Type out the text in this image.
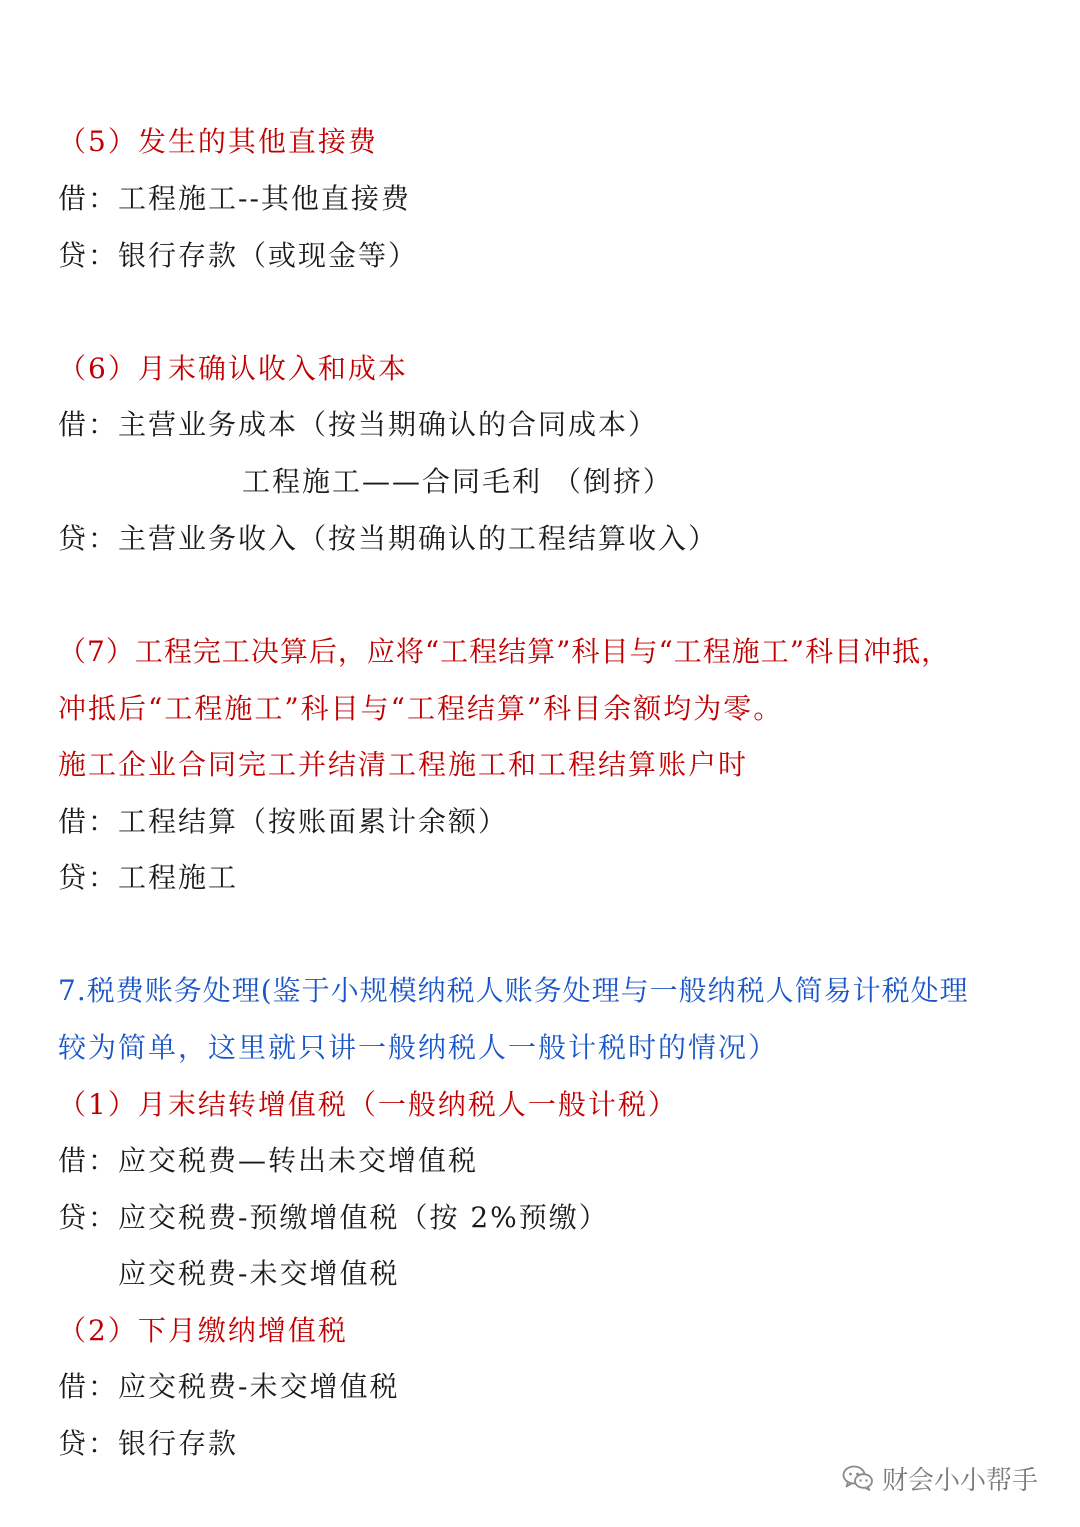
（5）发生的其他直接费
借：工程施工--其他直接费
贷：银行存款（或现金等）
（6）月末确认收入和成本
借：主营业务成本（按当期确认的合同成本）
工程施工——合同毛利 （倒挤）
贷：主营业务收入（按当期确认的工程结算收入）
（7）工程完工决算后，应将“工程结算”科目与“工程施工”科目冲抵，
冲抵后“工程施工”科目与“工程结算”科目余额均为零。
施工企业合同完工并结清工程施工和工程结算账户时
借：工程结算（按账面累计余额）
贷：工程施工
7.税费账务处理(鉴于小规模纳税人账务处理与一般纳税人简易计税处理
较为简单，这里就只讲一般纳税人一般计税时的情况）
（1）月末结转增值税（一般纳税人一般计税）
借：应交税费—转出未交增值税
贷：应交税费-预缴增值税（按 2%预缴）
应交税费-未交增值税
（2）下月缴纳增值税
借：应交税费-未交增值税
贷：银行存款
财会小小帮手
